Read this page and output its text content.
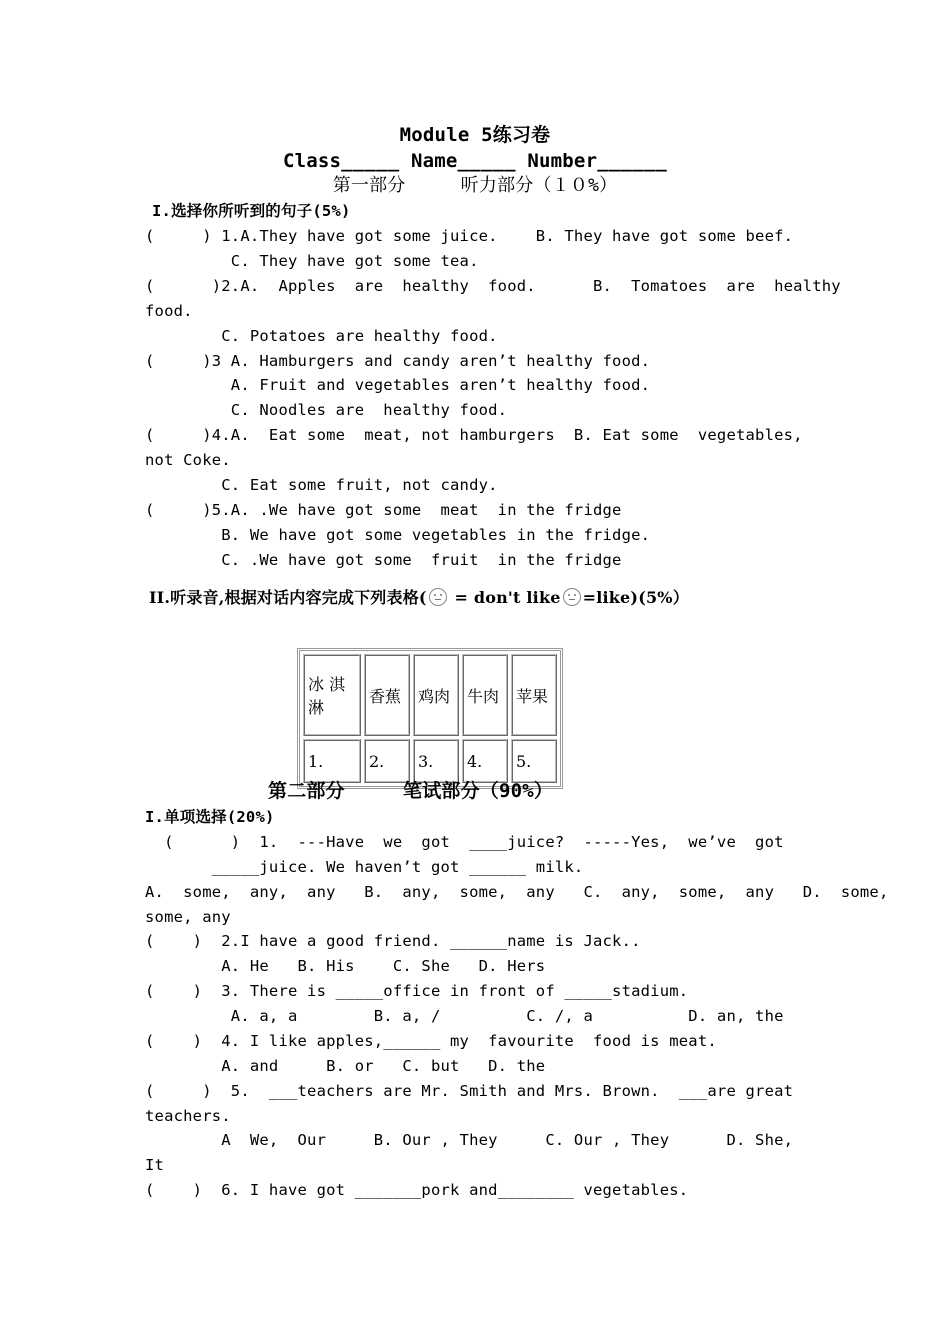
Module 5练习卷
Class_____ Name_____ Number______
第一部分     听力部分（１０%）
I.选择你所听到的句子(5%)
(     ) 1.A.They have got some juice.    B. They have got some beef.
C. They have got some tea.
(      )2.A.  Apples  are  healthy  food.      B.  Tomatoes  are  healthy
food.
C. Potatoes are healthy food.
(     )3 A. Hamburgers and candy aren’t healthy food.
A. Fruit and vegetables aren’t healthy food.
C. Noodles are  healthy food.
(     )4.A.  Eat some  meat, not hamburgers  B. Eat some  vegetables,
not Coke.
C. Eat some fruit, not candy.
(     )5.A. .We have got some  meat  in the fridge
B. We have got some vegetables in the fridge.
C. .We have got some  fruit  in the fridge
II.听录音,根据对话内容完成下列表格( = don't like =like)(5%）
冰 淇淋	香蕉	鸡肉	牛肉	苹果
1.	2.	3.	4.	5.
第二部分     笔试部分（90%）
I.单项选择(20%)
(      )  1.  ---Have  we  got  ____juice?  -----Yes,  we’ve  got
_____juice. We haven’t got ______ milk.
A.  some,  any,  any   B.  any,  some,  any   C.  any,  some,  any   D.  some,
some, any
(    )  2.I have a good friend. ______name is Jack..
A. He   B. His    C. She   D. Hers
(    )  3. There is _____office in front of _____stadium.
A. a, a        B. a, /         C. /, a          D. an, the
(    )  4. I like apples,______ my  favourite  food is meat.
A. and     B. or   C. but   D. the
(     )  5.  ___teachers are Mr. Smith and Mrs. Brown.  ___are great
teachers.
A  We,  Our     B. Our , They     C. Our , They      D. She,
It
(    )  6. I have got _______pork and________ vegetables.
